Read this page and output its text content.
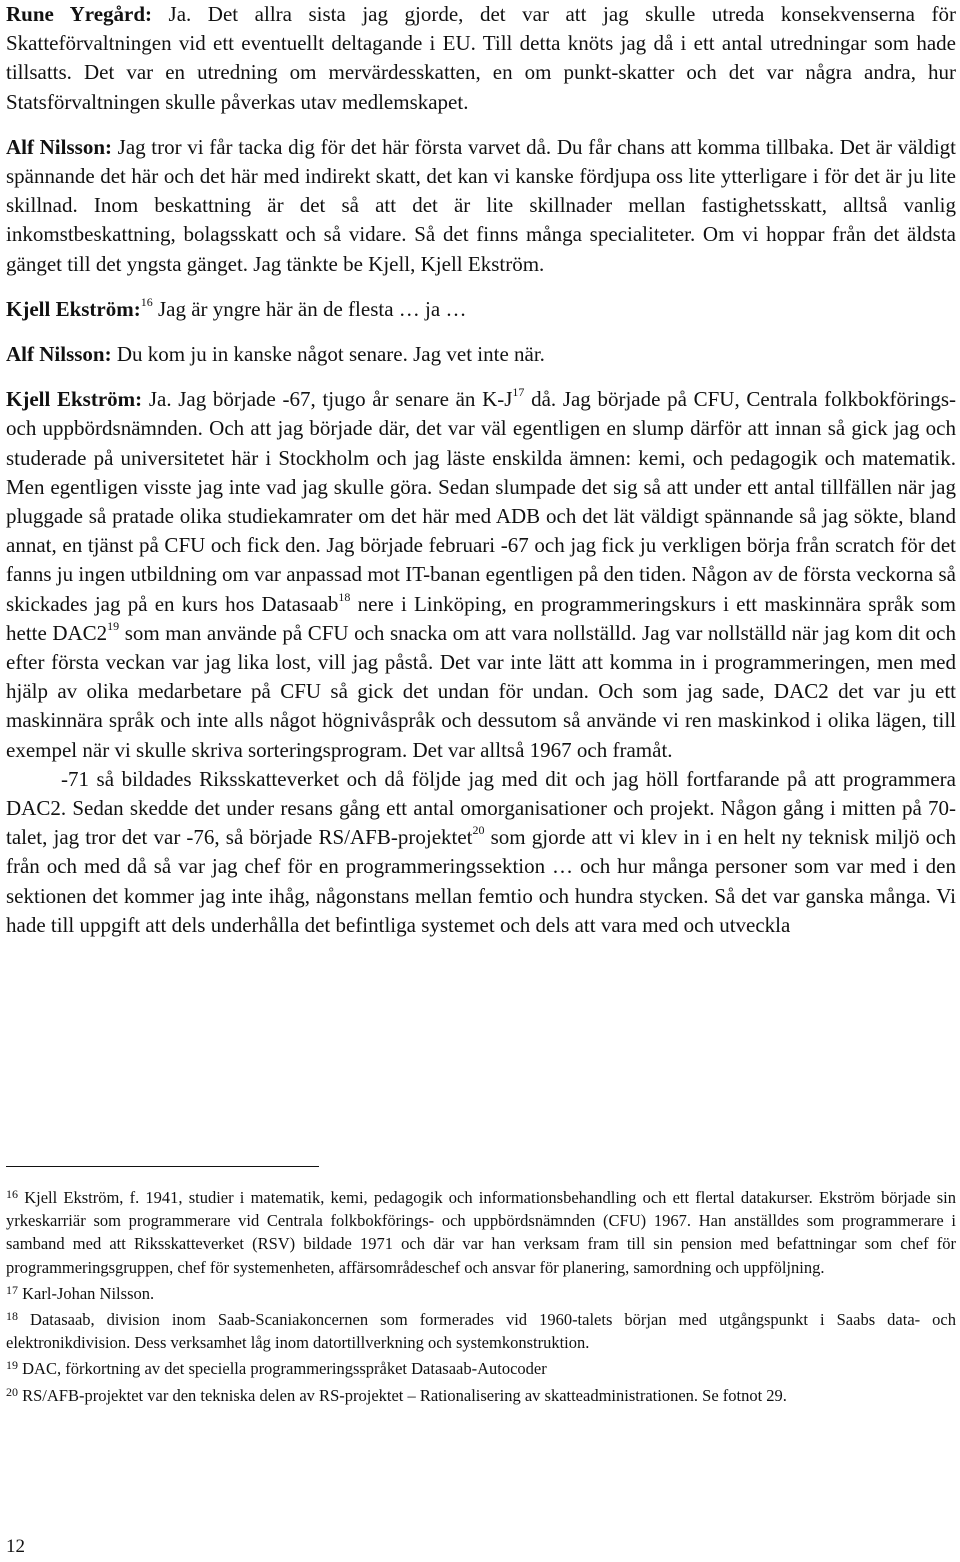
Rune Yregård: Ja. Det allra sista jag gjorde, det var att jag skulle utreda konsekvenserna för Skatteförvaltningen vid ett eventuellt deltagande i EU. Till detta knöts jag då i ett antal utredningar som hade tillsatts. Det var en utredning om mervärdesskatten, en om punkt-skatter och det var några andra, hur Statsförvaltningen skulle påverkas utav medlemskapet.

Alf Nilsson: Jag tror vi får tacka dig för det här första varvet då. Du får chans att komma tillbaka. Det är väldigt spännande det här och det här med indirekt skatt, det kan vi kanske fördjupa oss lite ytterligare i för det är ju lite skillnad. Inom beskattning är det så att det är lite skillnader mellan fastighetsskatt, alltså vanlig inkomstbeskattning, bolagsskatt och så vidare. Så det finns många specialiteter. Om vi hoppar från det äldsta gänget till det yngsta gänget. Jag tänkte be Kjell, Kjell Ekström.

Kjell Ekström:$^{16}$ Jag är yngre här än de flesta … ja …

Alf Nilsson: Du kom ju in kanske något senare. Jag vet inte när.

Kjell Ekström: Ja. Jag började -67, tjugo år senare än $K-J^{17}$ då. Jag började på CFU, Centrala folkbokförings- och uppbördsnämnden. Och att jag började där, det var väl egentligen en slump därför att innan så gick jag och studerade på universitetet här i Stockholm och jag läste enskilda ämnen: kemi, och pedagogik och matematik. Men egentligen visste jag inte vad jag skulle göra. Sedan slumpade det sig så att under ett antal tillfällen när jag pluggade så pratade olika studiekamrater om det här med ADB och det lät väldigt spännande så jag sökte, bland annat, en tjänst på CFU och fick den. Jag började februari -67 och jag fick ju verkligen börja från scratch för det fanns ju ingen utbildning om var anpassad mot IT-banan egentligen på den tiden. Någon av de första veckorna så skickades jag på en kurs hos Datasaab$^{18}$ nere i Linköping, en programmeringskurs i ett maskinnära språk som hette $DAC2^{19}$ som man använde på CFU och snacka om att vara nollställd. Jag var nollställd när jag kom dit och efter första veckan var jag lika lost, vill jag påstå. Det var inte lätt att komma in i programmeringen, men med hjälp av olika medarbetare på CFU så gick det undan för undan. Och som jag sade, DAC2 det var ju ett maskinnära språk och inte alls något högnivåspråk och dessutom så använde vi ren maskinkod i olika lägen, till exempel när vi skulle skriva sorteringsprogram. Det var alltså 1967 och framåt.

-71 så bildades Riksskatteverket och då följde jag med dit och jag höll fortfarande på att programmera DAC2. Sedan skedde det under resans gång ett antal omorganisationer och projekt. Någon gång i mitten på 70-talet, jag tror det var -76, så började RS/AFB-projektet$^{20}$ som gjorde att vi klev in i en helt ny teknisk miljö och från och med då så var jag chef för en programmeringssektion … och hur många personer som var med i den sektionen det kommer jag inte ihåg, någonstans mellan femtio och hundra stycken. Så det var ganska många. Vi hade till uppgift att dels underhålla det befintliga systemet och dels att vara med och utveckla

$^{16}$ Kjell Ekström, f. 1941, studier i matematik, kemi, pedagogik och informationsbehandling och ett flertal datakurser. Ekström började sin yrkeskarriär som programmerare vid Centrala folkbokförings- och uppbördsnämnden (CFU) 1967. Han anställdes som programmerare i samband med att Riksskatteverket (RSV) bildade 1971 och där var han verksam fram till sin pension med befattningar som chef för programmeringsgruppen, chef för systemenheten, affärsområdeschef och ansvar för planering, samordning och uppföljning.

$^{17}$ Karl-Johan Nilsson.

$^{18}$ Datasaab, division inom Saab-Scaniakoncernen som formerades vid 1960-talets början med utgångspunkt i Saabs data- och elektronikdivision. Dess verksamhet låg inom datortillverkning och systemkonstruktion.

$^{19}$ DAC, förkortning av det speciella programmeringsspråket Datasaab-Autocoder

$^{20}$ RS/AFB-projektet var den tekniska delen av RS-projektet – Rationalisering av skatteadministrationen. Se fotnot 29.

12
